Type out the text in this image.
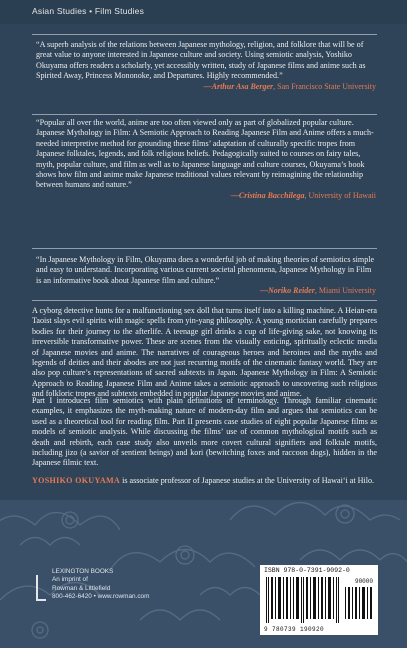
Asian Studies • Film Studies
“A superb analysis of the relations between Japanese mythology, religion, and folklore that will be of great value to anyone interested in Japanese culture and society. Using semiotic analysis, Yoshiko Okuyama offers readers a scholarly, yet accessibly written, study of Japanese films and anime such as Spirited Away, Princess Mononoke, and Departures. Highly recommended.”
—Arthur Asa Berger, San Francisco State University
“Popular all over the world, anime are too often viewed only as part of globalized popular culture. Japanese Mythology in Film: A Semiotic Approach to Reading Japanese Film and Anime offers a much-needed interpretive method for grounding these films’ adaptation of culturally specific tropes from Japanese folktales, legends, and folk religious beliefs. Pedagogically suited to courses on fairy tales, myth, popular culture, and film as well as to Japanese language and culture courses, Okuyama’s book shows how film and anime make Japanese traditional values relevant by reimagining the relationship between humans and nature.”
—Cristina Bacchilega, University of Hawaii
“In Japanese Mythology in Film, Okuyama does a wonderful job of making theories of semiotics simple and easy to understand. Incorporating various current societal phenomena, Japanese Mythology in Film is an informative book about Japanese film and culture.”
—Noriko Reider, Miami University
A cyborg detective hunts for a malfunctioning sex doll that turns itself into a killing machine. A Heian-era Taoist slays evil spirits with magic spells from yin-yang philosophy. A young mortician carefully prepares bodies for their journey to the afterlife. A teenage girl drinks a cup of life-giving sake, not knowing its irreversible transformative power. These are scenes from the visually enticing, spiritually eclectic media of Japanese movies and anime. The narratives of courageous heroes and heroines and the myths and legends of deities and their abodes are not just recurring motifs of the cinematic fantasy world. They are also pop culture’s representations of sacred subtexts in Japan. Japanese Mythology in Film: A Semiotic Approach to Reading Japanese Film and Anime takes a semiotic approach to uncovering such religious and folkloric tropes and subtexts embedded in popular Japanese movies and anime.
Part I introduces film semiotics with plain definitions of terminology. Through familiar cinematic examples, it emphasizes the myth-making nature of modern-day film and argues that semiotics can be used as a theoretical tool for reading film. Part II presents case studies of eight popular Japanese films as models of semiotic analysis. While discussing the films’ use of common mythological motifs such as death and rebirth, each case study also unveils more covert cultural signifiers and folktale motifs, including jizo (a savior of sentient beings) and kori (bewitching foxes and raccoon dogs), hidden in the Japanese filmic text.
YOSHIKO OKUYAMA is associate professor of Japanese studies at the University of Hawai‘i at Hilo.
LEXINGTON BOOKS
An imprint of
Rowman & Littlefield
800-462-6420 • www.rowman.com
ISBN 978-0-7391-9092-0
90000
9 780739 190920
